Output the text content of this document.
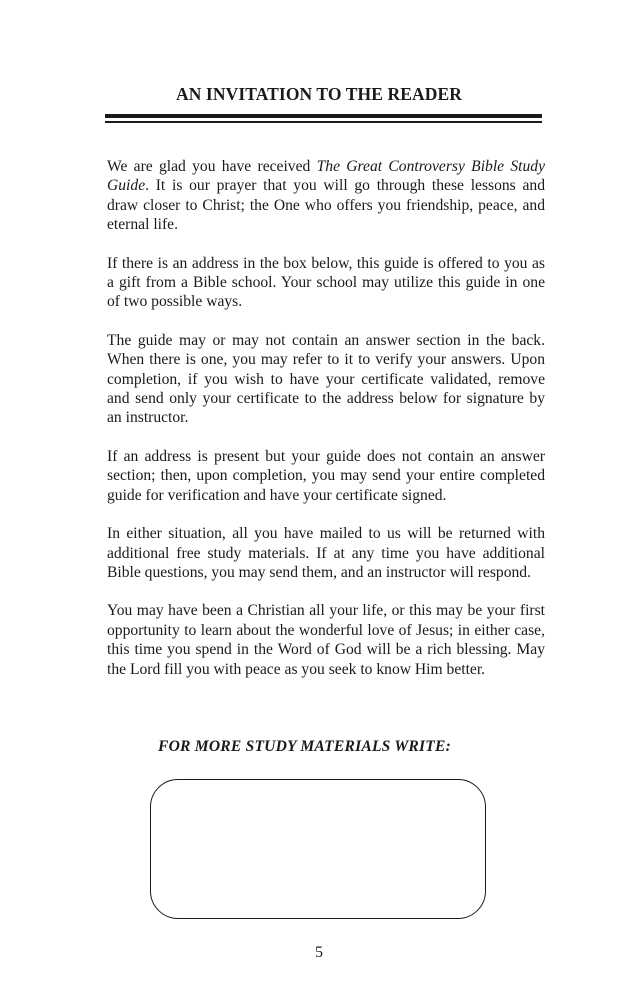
AN INVITATION TO THE READER

We are glad you have received The Great Controversy Bible Study Guide. It is our prayer that you will go through these lessons and draw closer to Christ; the One who offers you friendship, peace, and eternal life.

If there is an address in the box below, this guide is offered to you as a gift from a Bible school. Your school may utilize this guide in one of two possible ways.

The guide may or may not contain an answer section in the back. When there is one, you may refer to it to verify your answers. Upon completion, if you wish to have your certificate validated, remove and send only your certificate to the address below for signature by an instructor.

If an address is present but your guide does not contain an answer section; then, upon completion, you may send your entire completed guide for verification and have your certificate signed.

In either situation, all you have mailed to us will be returned with additional free study materials. If at any time you have additional Bible questions, you may send them, and an instructor will respond.

You may have been a Christian all your life, or this may be your first opportunity to learn about the wonderful love of Jesus; in either case, this time you spend in the Word of God will be a rich blessing. May the Lord fill you with peace as you seek to know Him better.

FOR MORE STUDY MATERIALS WRITE:
5
